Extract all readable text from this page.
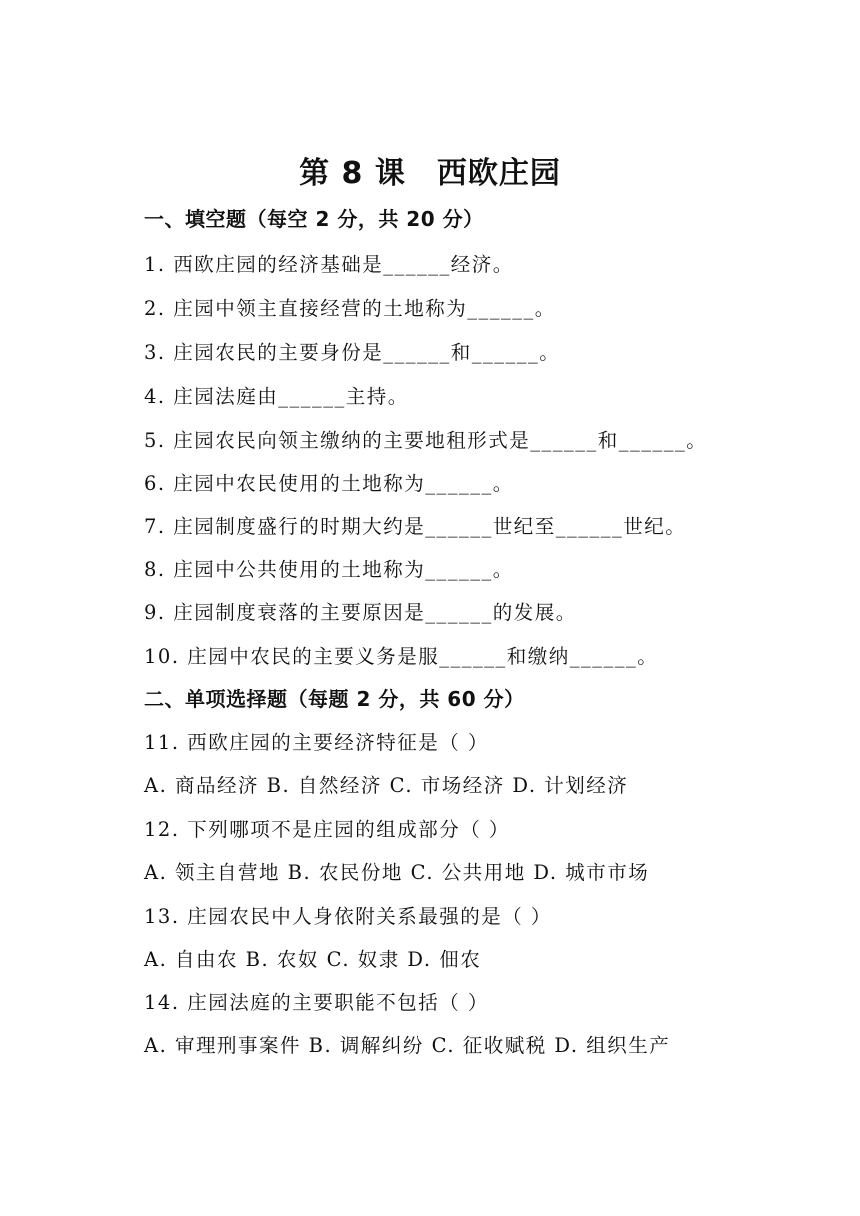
第 8 课　西欧庄园
一、填空题（每空 2 分，共 20 分）
1. 西欧庄园的经济基础是______经济。
2. 庄园中领主直接经营的土地称为______。
3. 庄园农民的主要身份是______和______。
4. 庄园法庭由______主持。
5. 庄园农民向领主缴纳的主要地租形式是______和______。
6. 庄园中农民使用的土地称为______。
7. 庄园制度盛行的时期大约是______世纪至______世纪。
8. 庄园中公共使用的土地称为______。
9. 庄园制度衰落的主要原因是______的发展。
10. 庄园中农民的主要义务是服______和缴纳______。
二、单项选择题（每题 2 分，共 60 分）
11. 西欧庄园的主要经济特征是（ ）
A. 商品经济 B. 自然经济 C. 市场经济 D. 计划经济
12. 下列哪项不是庄园的组成部分（ ）
A. 领主自营地 B. 农民份地 C. 公共用地 D. 城市市场
13. 庄园农民中人身依附关系最强的是（ ）
A. 自由农 B. 农奴 C. 奴隶 D. 佃农
14. 庄园法庭的主要职能不包括（ ）
A. 审理刑事案件 B. 调解纠纷 C. 征收赋税 D. 组织生产
